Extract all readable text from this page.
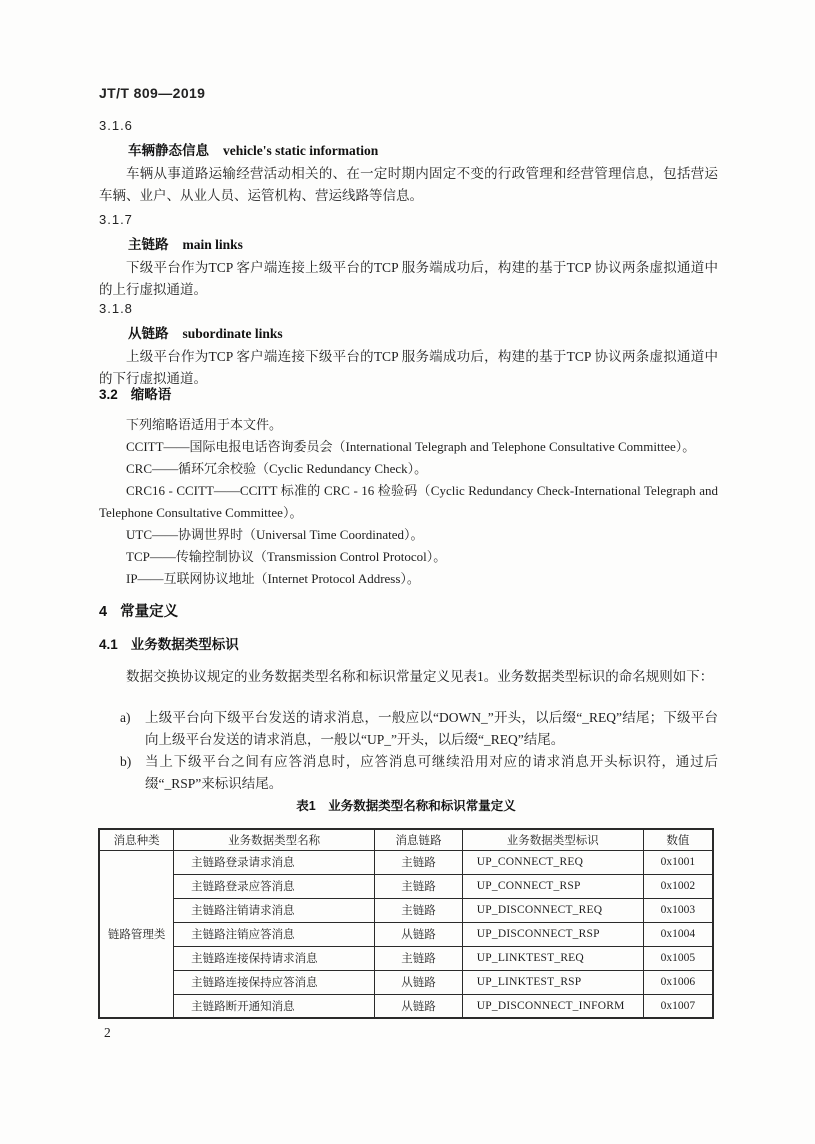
JT/T 809—2019
3.1.6
车辆静态信息 vehicle's static information

车辆从事道路运输经营活动相关的、在一定时期内固定不变的行政管理和经营管理信息，包括营运车辆、业户、从业人员、运管机构、营运线路等信息。

3.1.7
主链路 main links

下级平台作为TCP 客户端连接上级平台的TCP 服务端成功后，构建的基于TCP 协议两条虚拟通道中的上行虚拟通道。

3.1.8
从链路 subordinate links

上级平台作为TCP 客户端连接下级平台的TCP 服务端成功后，构建的基于TCP 协议两条虚拟通道中的下行虚拟通道。

3.2 缩略语

下列缩略语适用于本文件。

CCITT——国际电报电话咨询委员会（International Telegraph and Telephone Consultative Committee）。

CRC——循环冗余校验（Cyclic Redundancy Check）。

CRC16 - CCITT——CCITT 标准的 CRC - 16 检验码（Cyclic Redundancy Check-International Telegraph and Telephone Consultative Committee）。

UTC——协调世界时（Universal Time Coordinated）。

TCP——传输控制协议（Transmission Control Protocol）。

IP——互联网协议地址（Internet Protocol Address）。

4 常量定义
4.1 业务数据类型标识

数据交换协议规定的业务数据类型名称和标识常量定义见表1。业务数据类型标识的命名规则如下：

a)	上级平台向下级平台发送的请求消息，一般应以“DOWN_”开头，以后缀“_REQ”结尾；下级平台向上级平台发送的请求消息，一般以“UP_”开头，以后缀“_REQ”结尾。
b)	当上下级平台之间有应答消息时，应答消息可继续沿用对应的请求消息开头标识符，通过后缀“_RSP”来标识结尾。
表1　业务数据类型名称和标识常量定义
消息种类	业务数据类型名称	消息链路	业务数据类型标识	数值
链路管理类	主链路登录请求消息	主链路	UP_CONNECT_REQ	0x1001
	主链路登录应答消息	主链路	UP_CONNECT_RSP	0x1002
	主链路注销请求消息	主链路	UP_DISCONNECT_REQ	0x1003
	主链路注销应答消息	从链路	UP_DISCONNECT_RSP	0x1004
	主链路连接保持请求消息	主链路	UP_LINKTEST_REQ	0x1005
	主链路连接保持应答消息	从链路	UP_LINKTEST_RSP	0x1006
	主链路断开通知消息	从链路	UP_DISCONNECT_INFORM	0x1007
2
